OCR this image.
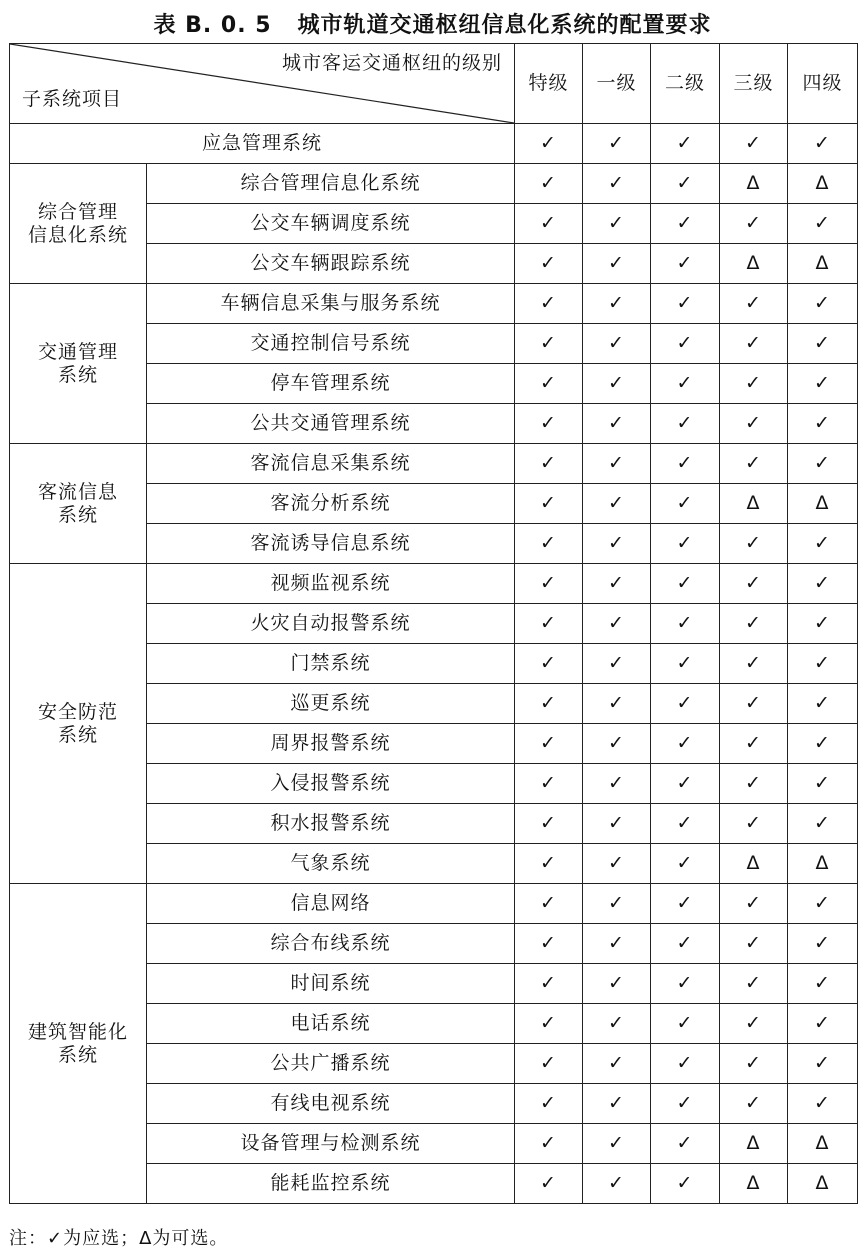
表 B. 0. 5 城市轨道交通枢纽信息化系统的配置要求
城市客运交通枢纽的级别
子系统项目		特级	一级	二级	三级	四级
应急管理系统		✓	✓	✓	✓	✓

综合管理
信息化系统	综合管理信息化系统	✓	✓	✓	Δ	Δ
	公交车辆调度系统	✓	✓	✓	✓	✓
	公交车辆跟踪系统	✓	✓	✓	Δ	Δ

交通管理
系统	车辆信息采集与服务系统	✓	✓	✓	✓	✓
	交通控制信号系统	✓	✓	✓	✓	✓
	停车管理系统	✓	✓	✓	✓	✓
	公共交通管理系统	✓	✓	✓	✓	✓

客流信息
系统	客流信息采集系统	✓	✓	✓	✓	✓
	客流分析系统	✓	✓	✓	Δ	Δ
	客流诱导信息系统	✓	✓	✓	✓	✓

安全防范
系统	视频监视系统	✓	✓	✓	✓	✓
	火灾自动报警系统	✓	✓	✓	✓	✓
	门禁系统	✓	✓	✓	✓	✓
	巡更系统	✓	✓	✓	✓	✓
	周界报警系统	✓	✓	✓	✓	✓
	入侵报警系统	✓	✓	✓	✓	✓
	积水报警系统	✓	✓	✓	✓	✓
	气象系统	✓	✓	✓	Δ	Δ

建筑智能化
系统	信息网络	✓	✓	✓	✓	✓
	综合布线系统	✓	✓	✓	✓	✓
	时间系统	✓	✓	✓	✓	✓
	电话系统	✓	✓	✓	✓	✓
	公共广播系统	✓	✓	✓	✓	✓
	有线电视系统	✓	✓	✓	✓	✓
	设备管理与检测系统	✓	✓	✓	Δ	Δ
	能耗监控系统	✓	✓	✓	Δ	Δ
注：✓为应选；Δ为可选。
